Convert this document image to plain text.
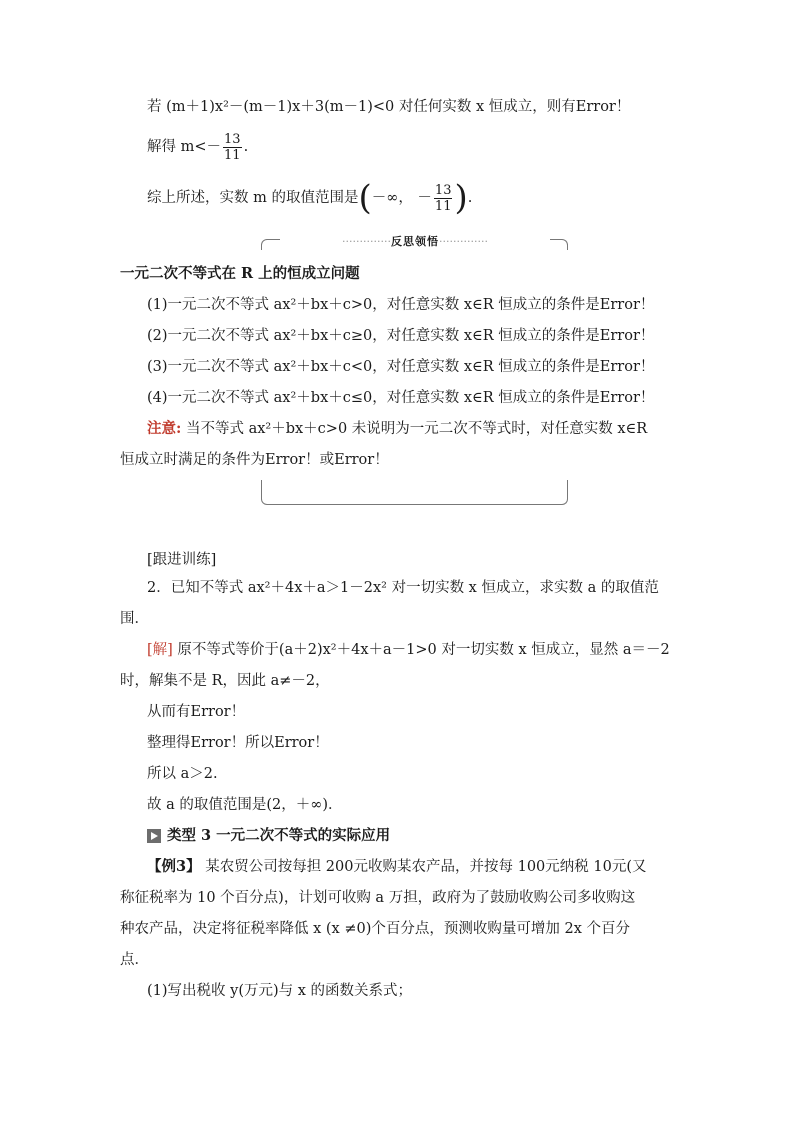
若 (m＋1)x²－(m－1)x＋3(m－1)<0 对任何实数 x 恒成立，则有Error！
解得 $m<- \frac{13}{11}$ .
综上所述，实数 m 的取值范围是(－∞， － $\frac{13}{11}$ ).
··············反思领悟··············
一元二次不等式在 R 上的恒成立问题
(1)一元二次不等式 ax²＋bx＋c>0，对任意实数 x∈R 恒成立的条件是Error！
(2)一元二次不等式 ax²＋bx＋c≥0，对任意实数 x∈R 恒成立的条件是Error！
(3)一元二次不等式 ax²＋bx＋c<0，对任意实数 x∈R 恒成立的条件是Error！
(4)一元二次不等式 ax²＋bx＋c≤0，对任意实数 x∈R 恒成立的条件是Error！
注意: 当不等式 ax²＋bx＋c>0 未说明为一元二次不等式时，对任意实数 x∈R
恒成立时满足的条件为Error！或Error！
[跟进训练]
2．已知不等式 ax²＋4x＋a＞1－2x² 对一切实数 x 恒成立，求实数 a 的取值范
围．
[解] 原不等式等价于(a＋2)x²＋4x＋a－1>0 对一切实数 x 恒成立，显然 a＝－2
时，解集不是 R，因此 a≠－2，
从而有Error！
整理得Error！所以Error！
所以 a＞2.
故 a 的取值范围是(2，＋∞)．
类型 3 一元二次不等式的实际应用
【例3】 某农贸公司按每担 200元收购某农产品，并按每 100元纳税 10元(又
称征税率为 10 个百分点)，计划可收购 a 万担，政府为了鼓励收购公司多收购这
种农产品，决定将征税率降低 x (x ≠0)个百分点，预测收购量可增加 2x 个百分
点．
(1)写出税收 y(万元)与 x 的函数关系式；
